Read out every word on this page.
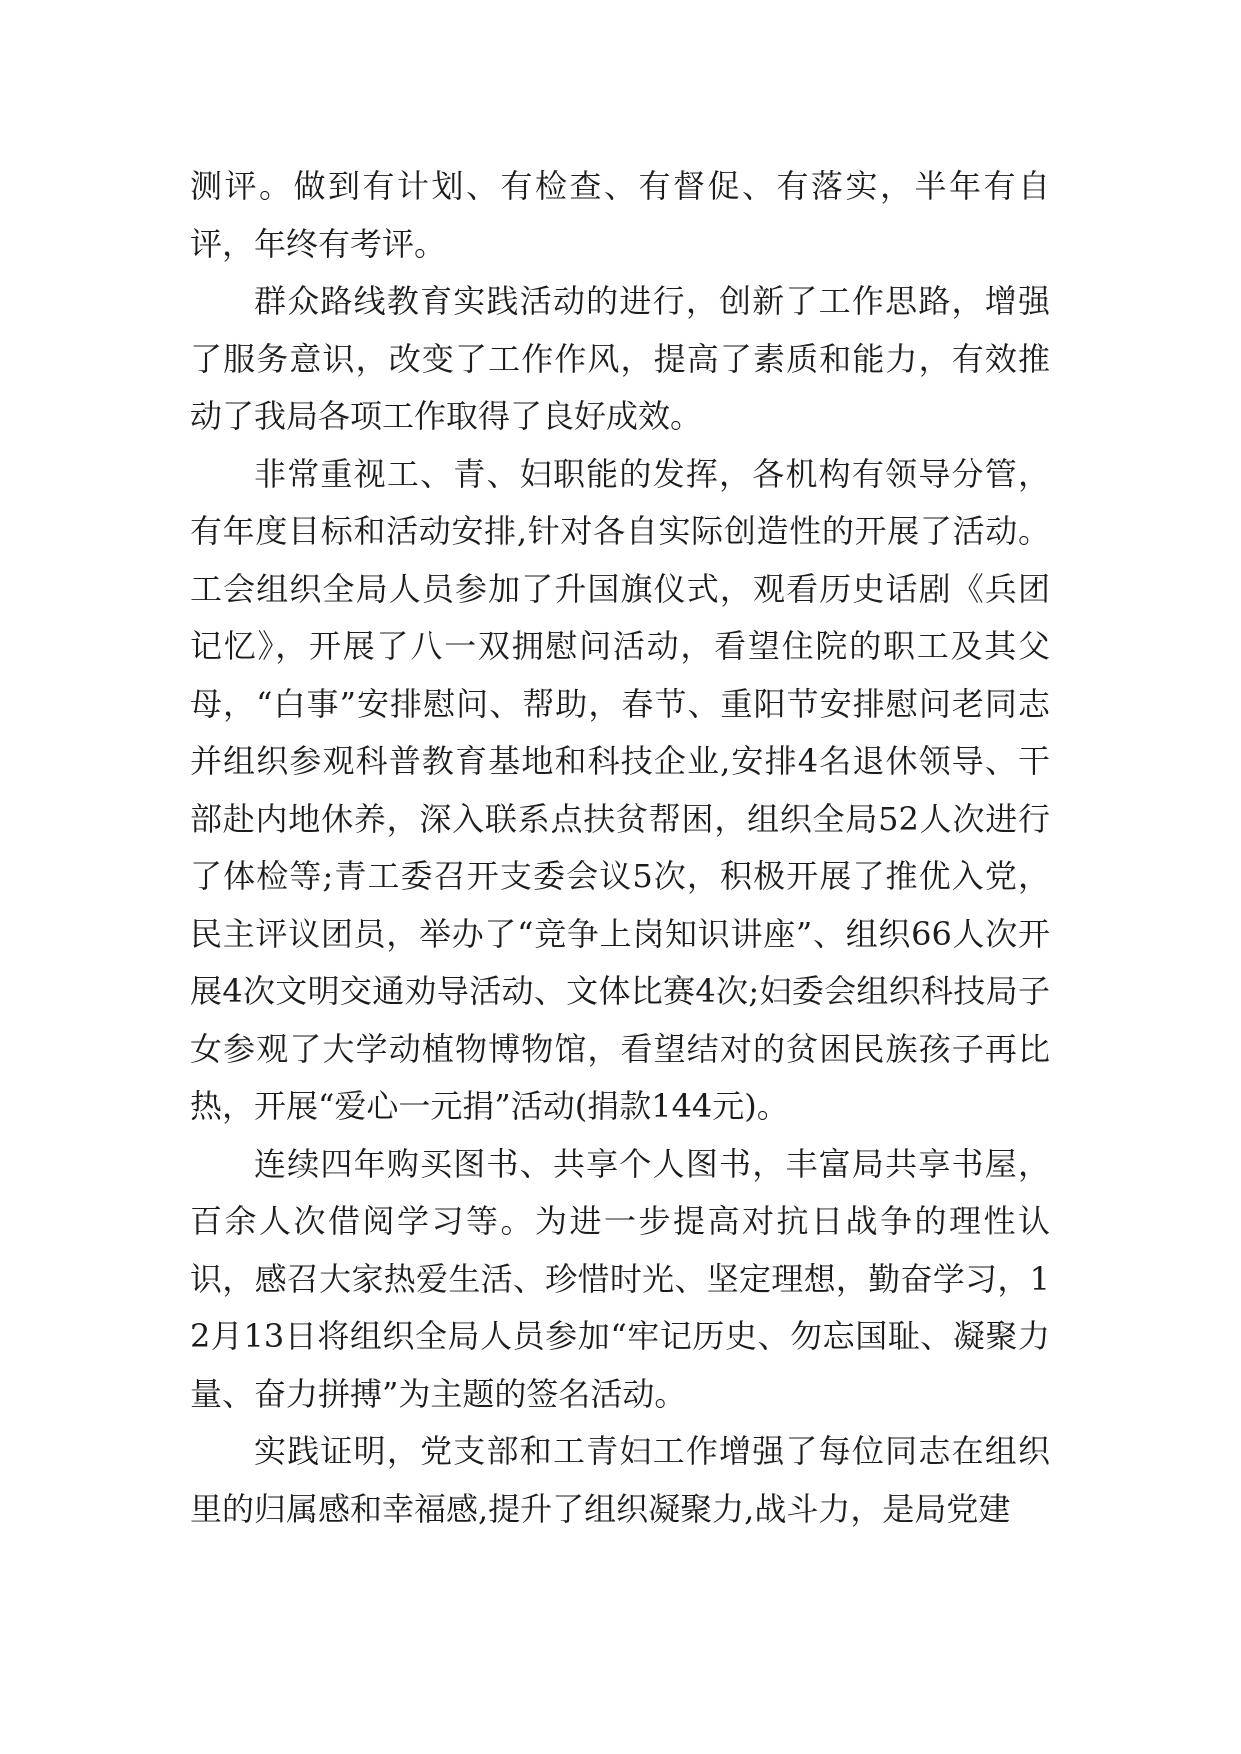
测评。做到有计划、有检查、有督促、有落实，半年有自评，年终有考评。

群众路线教育实践活动的进行，创新了工作思路，增强了服务意识，改变了工作作风，提高了素质和能力，有效推动了我局各项工作取得了良好成效。

非常重视工、青、妇职能的发挥，各机构有领导分管，有年度目标和活动安排,针对各自实际创造性的开展了活动。工会组织全局人员参加了升国旗仪式，观看历史话剧《兵团记忆》，开展了八一双拥慰问活动，看望住院的职工及其父母，“白事”安排慰问、帮助，春节、重阳节安排慰问老同志并组织参观科普教育基地和科技企业,安排4名退休领导、干部赴内地休养，深入联系点扶贫帮困，组织全局52人次进行了体检等;青工委召开支委会议5次，积极开展了推优入党，民主评议团员，举办了“竞争上岗知识讲座”、组织66人次开展4次文明交通劝导活动、文体比赛4次;妇委会组织科技局子女参观了大学动植物博物馆，看望结对的贫困民族孩子再比热，开展“爱心一元捐”活动(捐款144元)。

连续四年购买图书、共享个人图书，丰富局共享书屋，百余人次借阅学习等。为进一步提高对抗日战争的理性认识，感召大家热爱生活、珍惜时光、坚定理想，勤奋学习，12月13日将组织全局人员参加“牢记历史、勿忘国耻、凝聚力量、奋力拼搏”为主题的签名活动。

实践证明，党支部和工青妇工作增强了每位同志在组织里的归属感和幸福感,提升了组织凝聚力,战斗力，是局党建
